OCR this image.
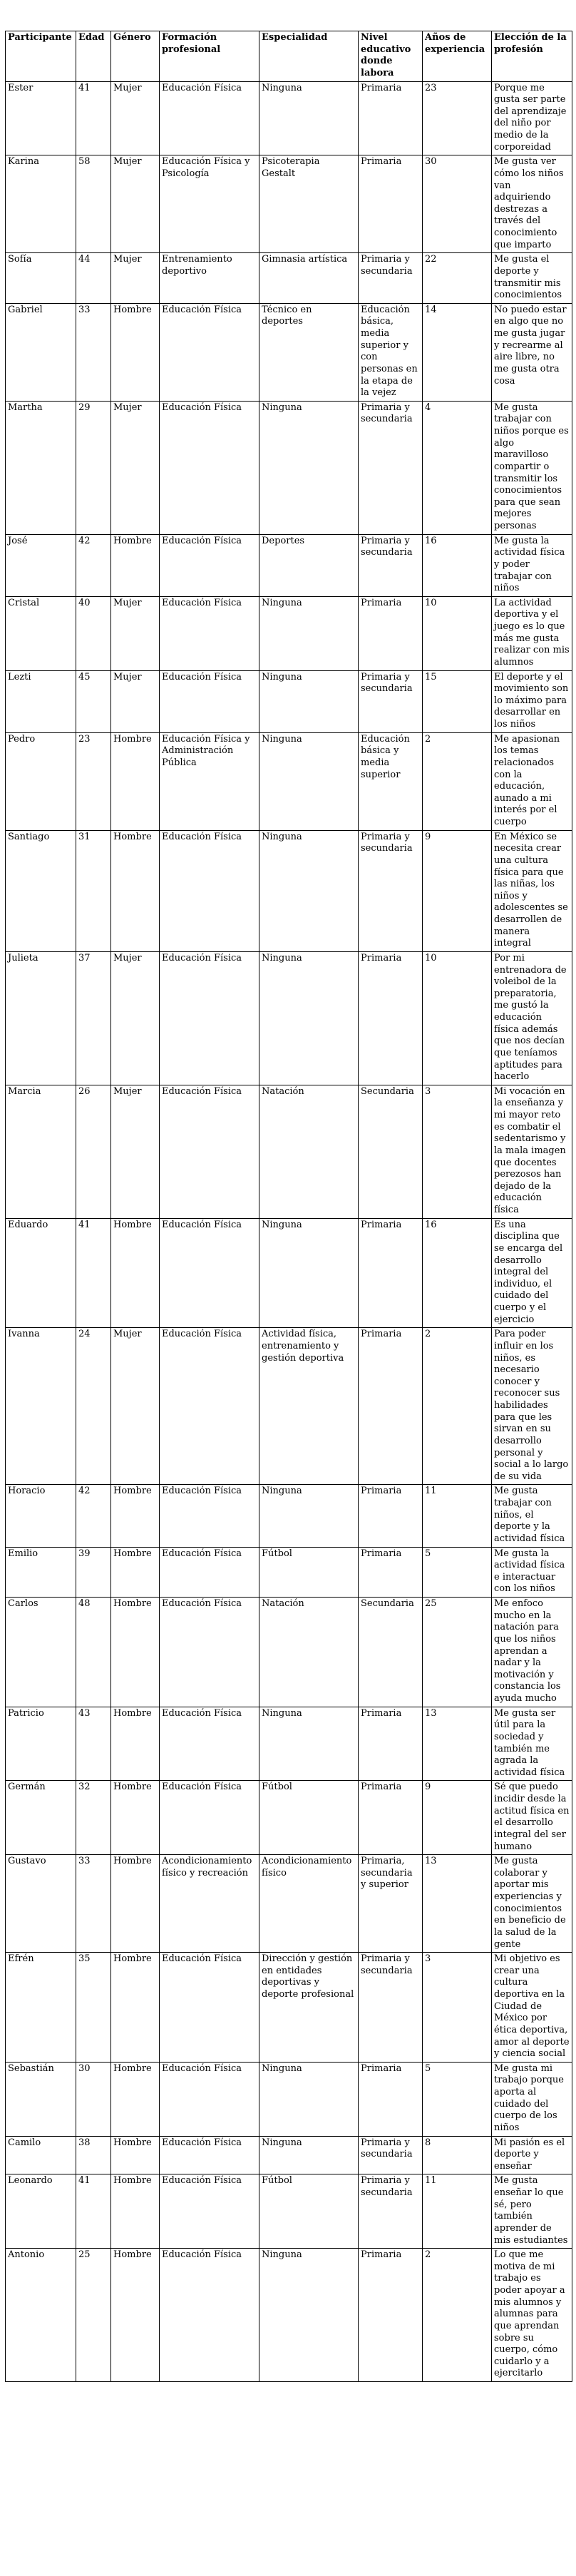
Participante	Edad	Género	Formación profesional	Especialidad	Nivel educativo donde labora	Años de experiencia	Elección de la profesión
Ester	41	Mujer	Educación Física	Ninguna	Primaria	23	Porque me gusta ser parte del aprendizaje del niño por medio de la corporeidad
Karina	58	Mujer	Educación Física y Psicología	Psicoterapia Gestalt	Primaria	30	Me gusta ver cómo los niños van adquiriendo destrezas a través del conocimiento que imparto
Sofía	44	Mujer	Entrenamiento deportivo	Gimnasia artística	Primaria y secundaria	22	Me gusta el deporte y transmitir mis conocimientos
Gabriel	33	Hombre	Educación Física	Técnico en deportes	Educación básica, media superior y con personas en la etapa de la vejez	14	No puedo estar en algo que no me gusta jugar y recrearme al aire libre, no me gusta otra cosa
Martha	29	Mujer	Educación Física	Ninguna	Primaria y secundaria	4	Me gusta trabajar con niños porque es algo maravilloso compartir o transmitir los conocimientos para que sean mejores personas
José	42	Hombre	Educación Física	Deportes	Primaria y secundaria	16	Me gusta la actividad física y poder trabajar con niños
Cristal	40	Mujer	Educación Física	Ninguna	Primaria	10	La actividad deportiva y el juego es lo que más me gusta realizar con mis alumnos
Lezti	45	Mujer	Educación Física	Ninguna	Primaria y secundaria	15	El deporte y el movimiento son lo máximo para desarrollar en los niños
Pedro	23	Hombre	Educación Física y Administración Pública	Ninguna	Educación básica y media superior	2	Me apasionan los temas relacionados con la educación, aunado a mi interés por el cuerpo
Santiago	31	Hombre	Educación Física	Ninguna	Primaria y secundaria	9	En México se necesita crear una cultura física para que las niñas, los niños y adolescentes se desarrollen de manera integral
Julieta	37	Mujer	Educación Física	Ninguna	Primaria	10	Por mi entrenadora de voleibol de la preparatoria, me gustó la educación física además que nos decían que teníamos aptitudes para hacerlo
Marcia	26	Mujer	Educación Física	Natación	Secundaria	3	Mi vocación en la enseñanza y mi mayor reto es combatir el sedentarismo y la mala imagen que docentes perezosos han dejado de la educación física
Eduardo	41	Hombre	Educación Física	Ninguna	Primaria	16	Es una disciplina que se encarga del desarrollo integral del individuo, el cuidado del cuerpo y el ejercicio
Ivanna	24	Mujer	Educación Física	Actividad física, entrenamiento y gestión deportiva	Primaria	2	Para poder influir en los niños, es necesario conocer y reconocer sus habilidades para que les sirvan en su desarrollo personal y social a lo largo de su vida
Horacio	42	Hombre	Educación Física	Ninguna	Primaria	11	Me gusta trabajar con niños, el deporte y la actividad física
Emilio	39	Hombre	Educación Física	Fútbol	Primaria	5	Me gusta la actividad física e interactuar con los niños
Carlos	48	Hombre	Educación Física	Natación	Secundaria	25	Me enfoco mucho en la natación para que los niños aprendan a nadar y la motivación y constancia los ayuda mucho
Patricio	43	Hombre	Educación Física	Ninguna	Primaria	13	Me gusta ser útil para la sociedad y también me agrada la actividad física
Germán	32	Hombre	Educación Física	Fútbol	Primaria	9	Sé que puedo incidir desde la actitud física en el desarrollo integral del ser humano
Gustavo	33	Hombre	Acondicionamiento físico y recreación	Acondicionamiento físico	Primaria, secundaria y superior	13	Me gusta colaborar y aportar mis experiencias y conocimientos en beneficio de la salud de la gente
Efrén	35	Hombre	Educación Física	Dirección y gestión en entidades deportivas y deporte profesional	Primaria y secundaria	3	Mi objetivo es crear una cultura deportiva en la Ciudad de México por ética deportiva, amor al deporte y ciencia social
Sebastián	30	Hombre	Educación Física	Ninguna	Primaria	5	Me gusta mi trabajo porque aporta al cuidado del cuerpo de los niños
Camilo	38	Hombre	Educación Física	Ninguna	Primaria y secundaria	8	Mi pasión es el deporte y enseñar
Leonardo	41	Hombre	Educación Física	Fútbol	Primaria y secundaria	11	Me gusta enseñar lo que sé, pero también aprender de mis estudiantes
Antonio	25	Hombre	Educación Física	Ninguna	Primaria	2	Lo que me motiva de mi trabajo es poder apoyar a mis alumnos y alumnas para que aprendan sobre su cuerpo, cómo cuidarlo y a ejercitarlo
